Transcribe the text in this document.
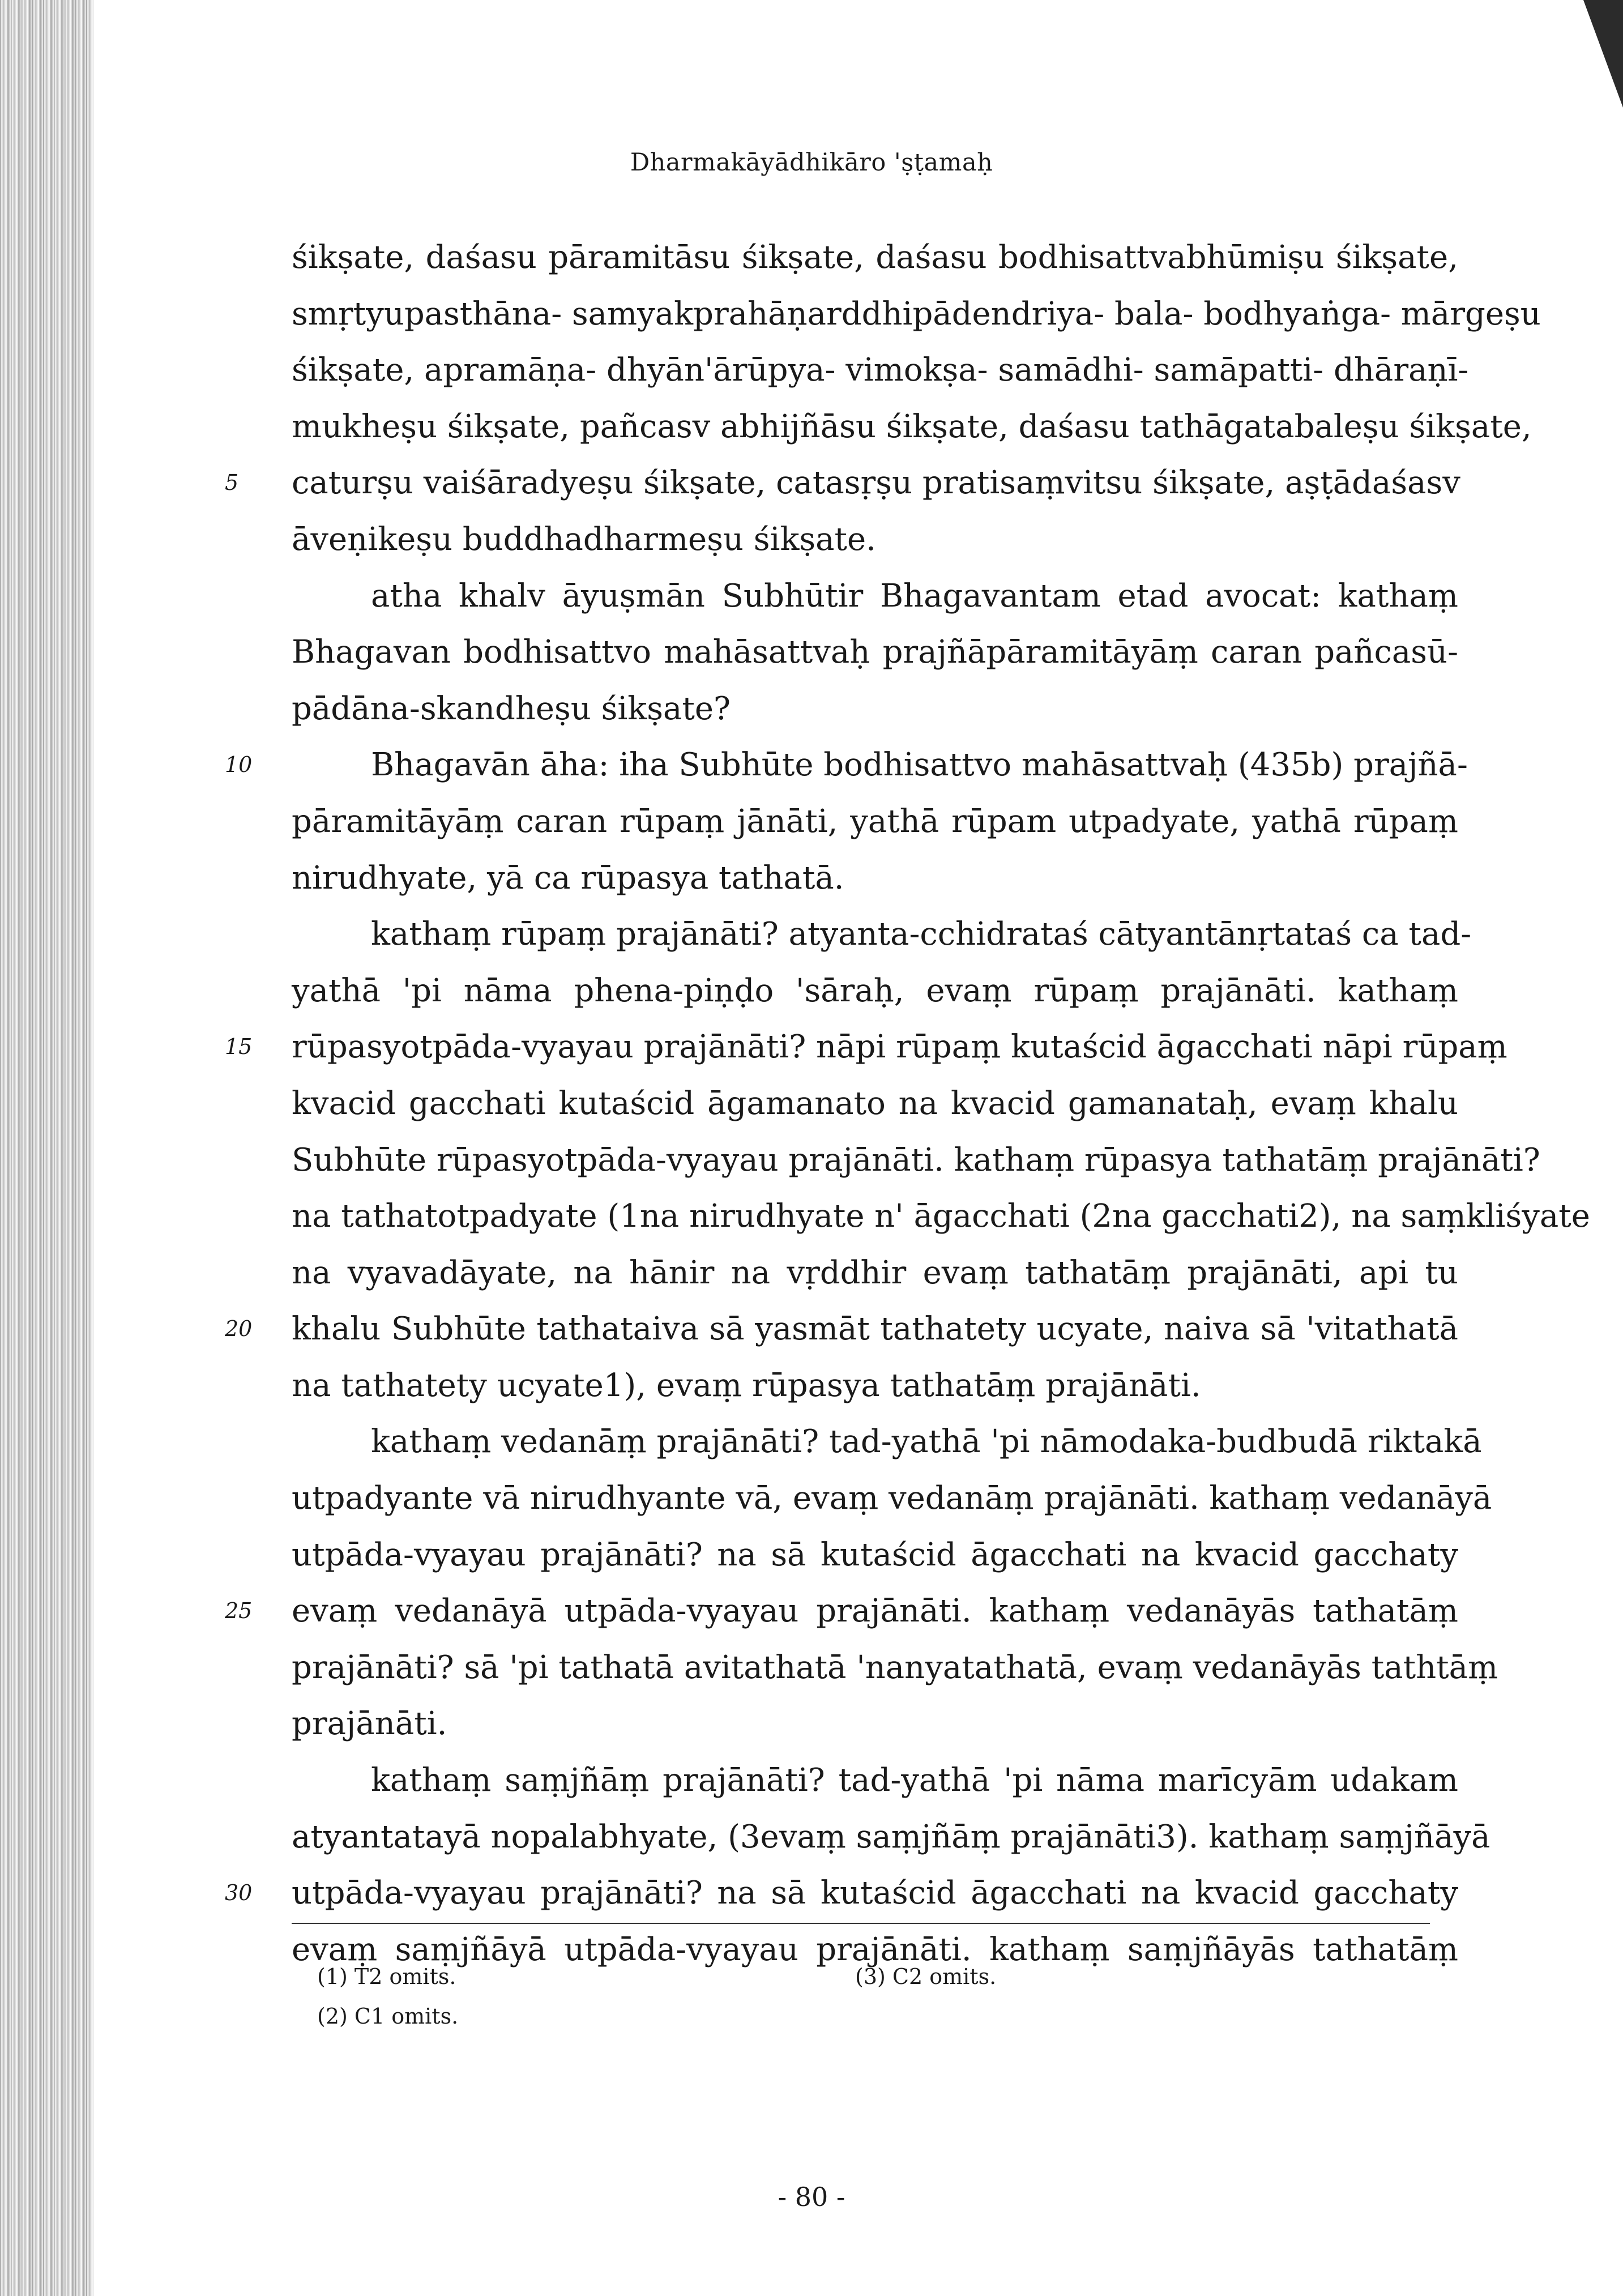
Dharmakāyādhikāro 'ṣṭamaḥ
śikṣate, daśasu pāramitāsu śikṣate, daśasu bodhisattvabhūmiṣu śikṣate,
smṛtyupasthāna- samyakprahāṇarddhipādendriya- bala- bodhyaṅga- mārgeṣu
śikṣate, apramāṇa- dhyān'ārūpya- vimokṣa- samādhi- samāpatti- dhāraṇī-
mukheṣu śikṣate, pañcasv abhijñāsu śikṣate, daśasu tathāgatabaleṣu śikṣate,
5	caturṣu vaiśāradyeṣu śikṣate, catasṛṣu pratisaṃvitsu śikṣate, aṣṭādaśasv
āveṇikeṣu buddhadharmeṣu śikṣate.
atha khalv āyuṣmān Subhūtir Bhagavantam etad avocat: kathaṃ
Bhagavan bodhisattvo mahāsattvaḥ prajñāpāramitāyāṃ caran pañcasū-
pādāna-skandheṣu śikṣate?
10	Bhagavān āha: iha Subhūte bodhisattvo mahāsattvaḥ (435b) prajñā-
pāramitāyāṃ caran rūpaṃ jānāti, yathā rūpam utpadyate, yathā rūpaṃ
nirudhyate, yā ca rūpasya tathatā.
kathaṃ rūpaṃ prajānāti? atyanta-cchidrataś cātyantānṛtataś ca tad-
yathā 'pi nāma phena-piṇḍo 'sāraḥ, evaṃ rūpaṃ prajānāti. kathaṃ
15	rūpasyotpāda-vyayau prajānāti? nāpi rūpaṃ kutaścid āgacchati nāpi rūpaṃ
kvacid gacchati kutaścid āgamanato na kvacid gamanataḥ, evaṃ khalu
Subhūte rūpasyotpāda-vyayau prajānāti. kathaṃ rūpasya tathatāṃ prajānāti?
na tathatotpadyate (1na nirudhyate n' āgacchati (2na gacchati2), na saṃkliśyate
na vyavadāyate, na hānir na vṛddhir evaṃ tathatāṃ prajānāti, api tu
20	khalu Subhūte tathataiva sā yasmāt tathatety ucyate, naiva sā 'vitathatā
na tathatety ucyate1), evaṃ rūpasya tathatāṃ prajānāti.
kathaṃ vedanāṃ prajānāti? tad-yathā 'pi nāmodaka-budbudā riktakā
utpadyante vā nirudhyante vā, evaṃ vedanāṃ prajānāti. kathaṃ vedanāyā
utpāda-vyayau prajānāti? na sā kutaścid āgacchati na kvacid gacchaty
25	evaṃ vedanāyā utpāda-vyayau prajānāti. kathaṃ vedanāyās tathatāṃ
prajānāti? sā 'pi tathatā avitathatā 'nanyatathatā, evaṃ vedanāyās tathtāṃ
prajānāti.
kathaṃ saṃjñāṃ prajānāti? tad-yathā 'pi nāma marīcyām udakam
atyantatayā nopalabhyate, (3evaṃ saṃjñāṃ prajānāti3). kathaṃ saṃjñāyā
30	utpāda-vyayau prajānāti? na sā kutaścid āgacchati na kvacid gacchaty
evaṃ saṃjñāyā utpāda-vyayau prajānāti. kathaṃ saṃjñāyās tathatāṃ
(1) T2 omits.
(2) C1 omits.
(3) C2 omits.
- 80 -
